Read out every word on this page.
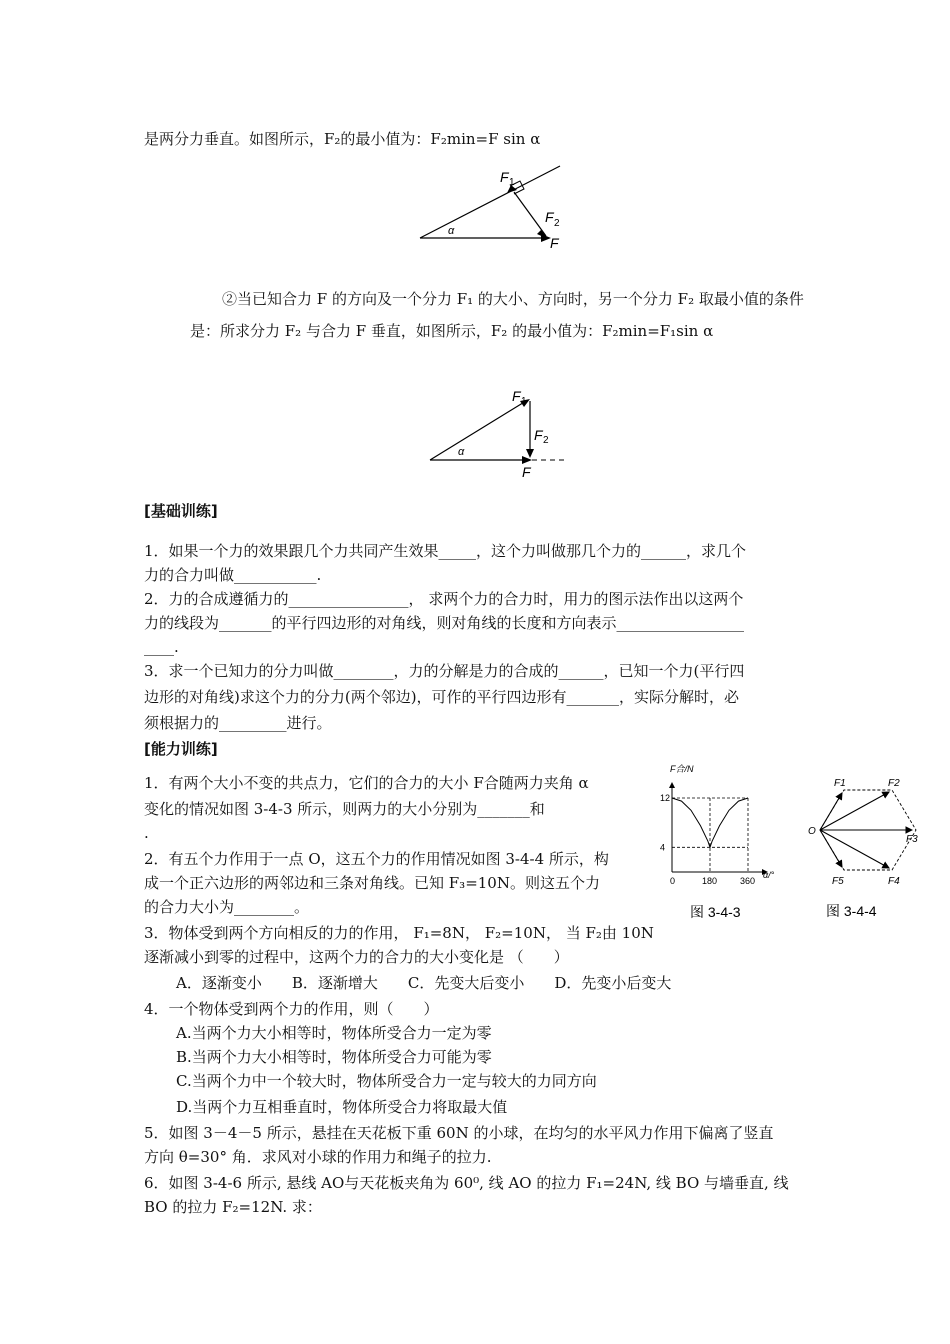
是两分力垂直。如图所示，F₂的最小值为：F₂min=F sin α
F 1
F 2
F
α
②当已知合力 F 的方向及一个分力 F₁ 的大小、方向时，另一个分力 F₂ 取最小值的条件
是：所求分力 F₂ 与合力 F 垂直，如图所示，F₂ 的最小值为：F₂min=F₁sin α
F 1
F 2
F
α
[基础训练]
1．如果一个力的效果跟几个力共同产生效果_____，这个力叫做那几个力的______，求几个
力的合力叫做___________.
2．力的合成遵循力的________________， 求两个力的合力时，用力的图示法作出以这两个
力的线段为_______的平行四边形的对角线，则对角线的长度和方向表示_________________
____.
3．求一个已知力的分力叫做________，力的分解是力的合成的______，已知一个力(平行四
边形的对角线)求这个力的分力(两个邻边)，可作的平行四边形有_______，实际分解时，必
须根据力的_________进行。
[能力训练]
1．有两个大小不变的共点力，它们的合力的大小 F合随两力夹角 α
变化的情况如图 3-4-3 所示，则两力的大小分别为_______和
.
2．有五个力作用于一点 O，这五个力的作用情况如图 3-4-4 所示，构
成一个正六边形的两邻边和三条对角线。已知 F₃=10N。则这五个力
的合力大小为________。
3．物体受到两个方向相反的力的作用， F₁=8N， F₂=10N， 当 F₂由 10N
逐渐减小到零的过程中，这两个力的合力的大小变化是 （　　）
A．逐渐变小　　B．逐渐增大　　C．先变大后变小　　D．先变小后变大
4．一个物体受到两个力的作用，则（　　）
A.当两个力大小相等时，物体所受合力一定为零
B.当两个力大小相等时，物体所受合力可能为零
C.当两个力中一个较大时，物体所受合力一定与较大的力同方向
D.当两个力互相垂直时，物体所受合力将取最大值
5．如图 3－4－5 所示，悬挂在天花板下重 60N 的小球，在均匀的水平风力作用下偏离了竖直
方向 θ=30° 角．求风对小球的作用力和绳子的拉力.
6．如图 3-4-6 所示, 悬线 AO与天花板夹角为 60⁰, 线 AO 的拉力 F₁=24N, 线 BO 与墙垂直, 线
BO 的拉力 F₂=12N. 求：
0	180	360
4
12
F合/N
α/°
图 3-4-3
O
F1	F2
F3
F4
F5
图 3-4-4
